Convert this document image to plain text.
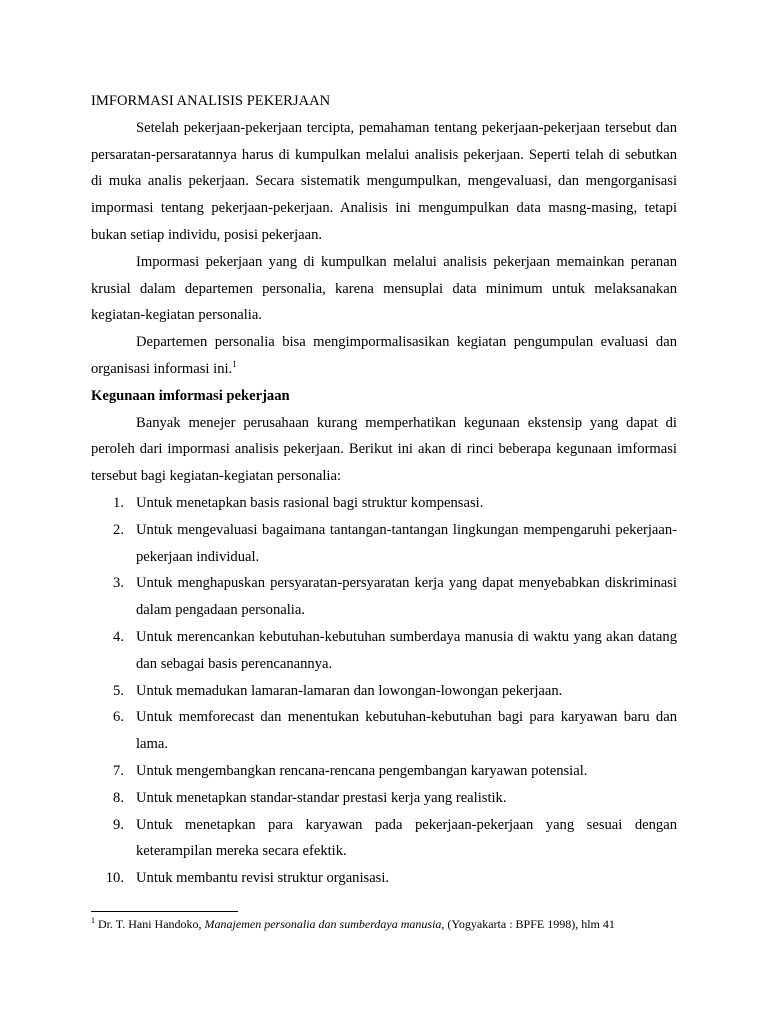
IMFORMASI ANALISIS PEKERJAAN

Setelah pekerjaan-pekerjaan tercipta, pemahaman tentang pekerjaan-pekerjaan tersebut dan persaratan-persaratannya harus di kumpulkan melalui analisis pekerjaan. Seperti telah di sebutkan di muka analis pekerjaan. Secara sistematik mengumpulkan, mengevaluasi, dan mengorganisasi impormasi tentang pekerjaan-pekerjaan. Analisis ini mengumpulkan data masng-masing, tetapi bukan setiap individu, posisi pekerjaan.

Impormasi pekerjaan yang di kumpulkan melalui analisis pekerjaan memainkan peranan krusial dalam departemen personalia, karena mensuplai data minimum untuk melaksanakan kegiatan-kegiatan personalia.

Departemen personalia bisa mengimpormalisasikan kegiatan pengumpulan evaluasi dan organisasi informasi ini.$^1$

Kegunaan imformasi pekerjaan

Banyak menejer perusahaan kurang memperhatikan kegunaan ekstensip yang dapat di peroleh dari impormasi analisis pekerjaan. Berikut ini akan di rinci beberapa kegunaan imformasi tersebut bagi kegiatan-kegiatan personalia:

1. Untuk menetapkan basis rasional bagi struktur kompensasi.
2. Untuk mengevaluasi bagaimana tantangan-tantangan lingkungan mempengaruhi pekerjaan-pekerjaan individual.
3. Untuk menghapuskan persyaratan-persyaratan kerja yang dapat menyebabkan diskriminasi dalam pengadaan personalia.
4. Untuk merencankan kebutuhan-kebutuhan sumberdaya manusia di waktu yang akan datang dan sebagai basis perencanannya.
5. Untuk memadukan lamaran-lamaran dan lowongan-lowongan pekerjaan.
6. Untuk memforecast dan menentukan kebutuhan-kebutuhan bagi para karyawan baru dan lama.
7. Untuk mengembangkan rencana-rencana pengembangan karyawan potensial.
8. Untuk menetapkan standar-standar prestasi kerja yang realistik.
9. Untuk menetapkan para karyawan pada pekerjaan-pekerjaan yang sesuai dengan keterampilan mereka secara efektik.
10. Untuk membantu revisi struktur organisasi.
$^1$ Dr. T. Hani Handoko, Manajemen personalia dan sumberdaya manusia, (Yogyakarta : BPFE 1998), hlm 41
